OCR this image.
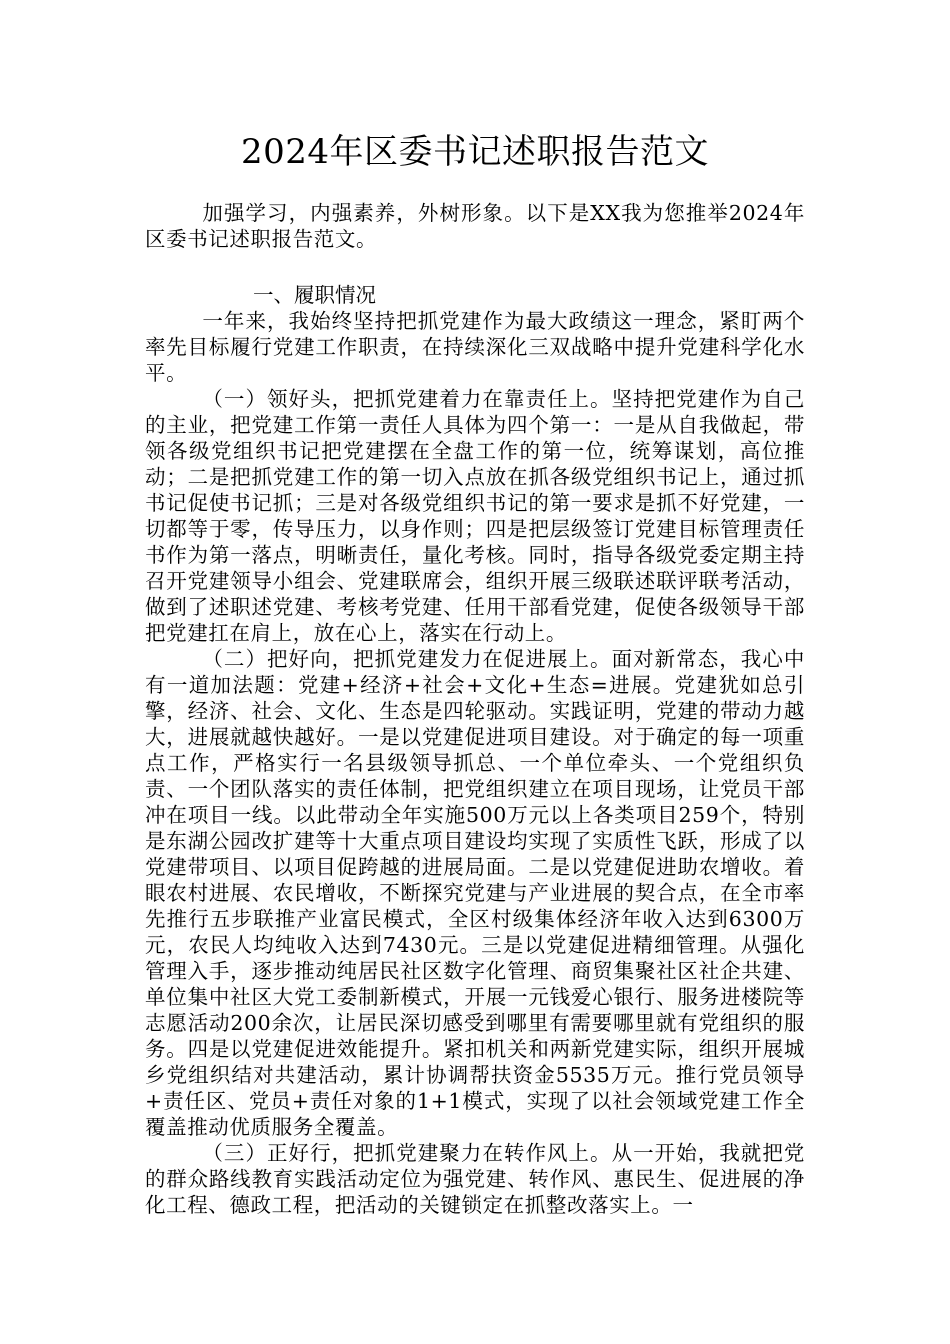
2024年区委书记述职报告范文

加强学习，内强素养，外树形象。以下是XX我为您推举2024年区委书记述职报告范文。

一、履职情况

一年来，我始终坚持把抓党建作为最大政绩这一理念，紧盯两个率先目标履行党建工作职责，在持续深化三双战略中提升党建科学化水平。

（一）领好头，把抓党建着力在靠责任上。坚持把党建作为自己的主业，把党建工作第一责任人具体为四个第一：一是从自我做起，带领各级党组织书记把党建摆在全盘工作的第一位，统筹谋划，高位推动；二是把抓党建工作的第一切入点放在抓各级党组织书记上，通过抓书记促使书记抓；三是对各级党组织书记的第一要求是抓不好党建，一切都等于零，传导压力，以身作则；四是把层级签订党建目标管理责任书作为第一落点，明晰责任，量化考核。同时，指导各级党委定期主持召开党建领导小组会、党建联席会，组织开展三级联述联评联考活动，做到了述职述党建、考核考党建、任用干部看党建，促使各级领导干部把党建扛在肩上，放在心上，落实在行动上。

（二）把好向，把抓党建发力在促进展上。面对新常态，我心中有一道加法题：党建+经济+社会+文化+生态=进展。党建犹如总引擎，经济、社会、文化、生态是四轮驱动。实践证明，党建的带动力越大，进展就越快越好。一是以党建促进项目建设。对于确定的每一项重点工作，严格实行一名县级领导抓总、一个单位牵头、一个党组织负责、一个团队落实的责任体制，把党组织建立在项目现场，让党员干部冲在项目一线。以此带动全年实施500万元以上各类项目259个，特别是东湖公园改扩建等十大重点项目建设均实现了实质性飞跃，形成了以党建带项目、以项目促跨越的进展局面。二是以党建促进助农增收。着眼农村进展、农民增收，不断探究党建与产业进展的契合点，在全市率先推行五步联推产业富民模式，全区村级集体经济年收入达到6300万元，农民人均纯收入达到7430元。三是以党建促进精细管理。从强化管理入手，逐步推动纯居民社区数字化管理、商贸集聚社区社企共建、单位集中社区大党工委制新模式，开展一元钱爱心银行、服务进楼院等志愿活动200余次，让居民深切感受到哪里有需要哪里就有党组织的服务。四是以党建促进效能提升。紧扣机关和两新党建实际，组织开展城乡党组织结对共建活动，累计协调帮扶资金5535万元。推行党员领导+责任区、党员+责任对象的1+1模式，实现了以社会领域党建工作全覆盖推动优质服务全覆盖。

（三）正好行，把抓党建聚力在转作风上。从一开始，我就把党的群众路线教育实践活动定位为强党建、转作风、惠民生、促进展的净化工程、德政工程，把活动的关键锁定在抓整改落实上。一
